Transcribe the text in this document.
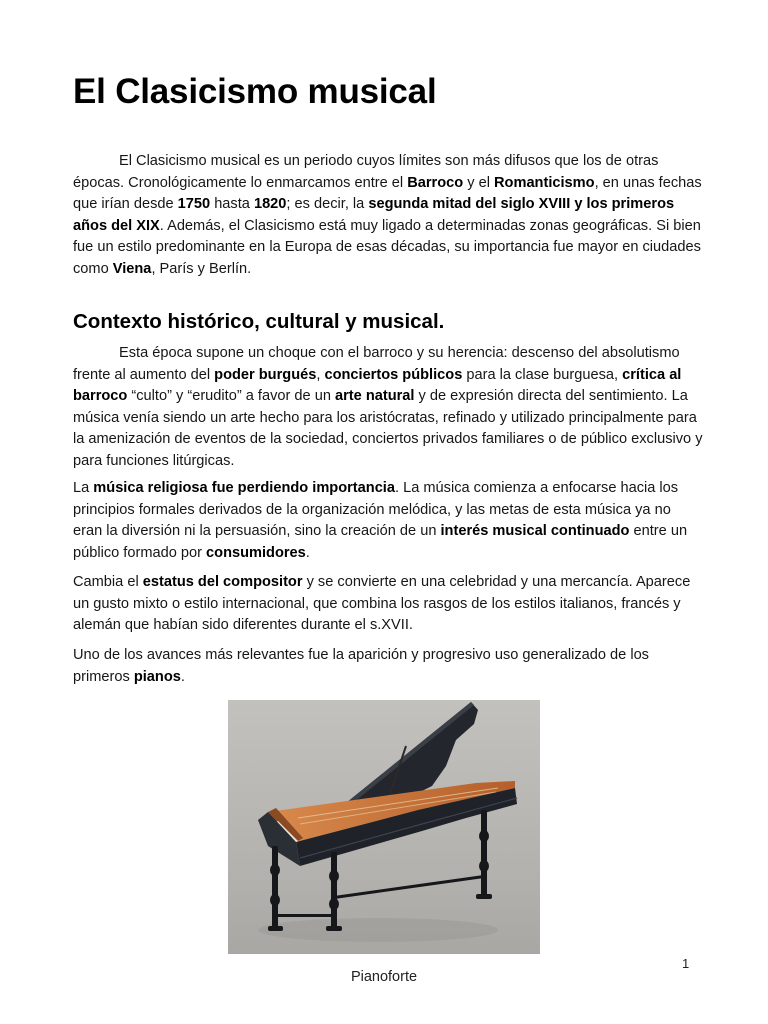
El Clasicismo musical

El Clasicismo musical es un periodo cuyos límites son más difusos que los de otras épocas. Cronológicamente lo enmarcamos entre el Barroco y el Romanticismo, en unas fechas que irían desde 1750 hasta 1820; es decir, la segunda mitad del siglo XVIII y los primeros años del XIX. Además, el Clasicismo está muy ligado a determinadas zonas geográficas. Si bien fue un estilo predominante en la Europa de esas décadas, su importancia fue mayor en ciudades como Viena, París y Berlín.

Contexto histórico, cultural y musical.

Esta época supone un choque con el barroco y su herencia: descenso del absolutismo frente al aumento del poder burgués, conciertos públicos para la clase burguesa, crítica al barroco “culto” y “erudito” a favor de un arte natural y de expresión directa del sentimiento. La música venía siendo un arte hecho para los aristócratas, refinado y utilizado principalmente para la amenización de eventos de la sociedad, conciertos privados familiares o de público exclusivo y para funciones litúrgicas.

La música religiosa fue perdiendo importancia. La música comienza a enfocarse hacia los principios formales derivados de la organización melódica, y las metas de esta música ya no eran la diversión ni la persuasión, sino la creación de un interés musical continuado entre un público formado por consumidores.

Cambia el estatus del compositor y se convierte en una celebridad y una mercancía. Aparece un gusto mixto o estilo internacional, que combina los rasgos de los estilos italianos, francés y alemán que habían sido diferentes durante el s.XVII.

Uno de los avances más relevantes fue la aparición y progresivo uso generalizado de los primeros pianos.

Pianoforte
1
